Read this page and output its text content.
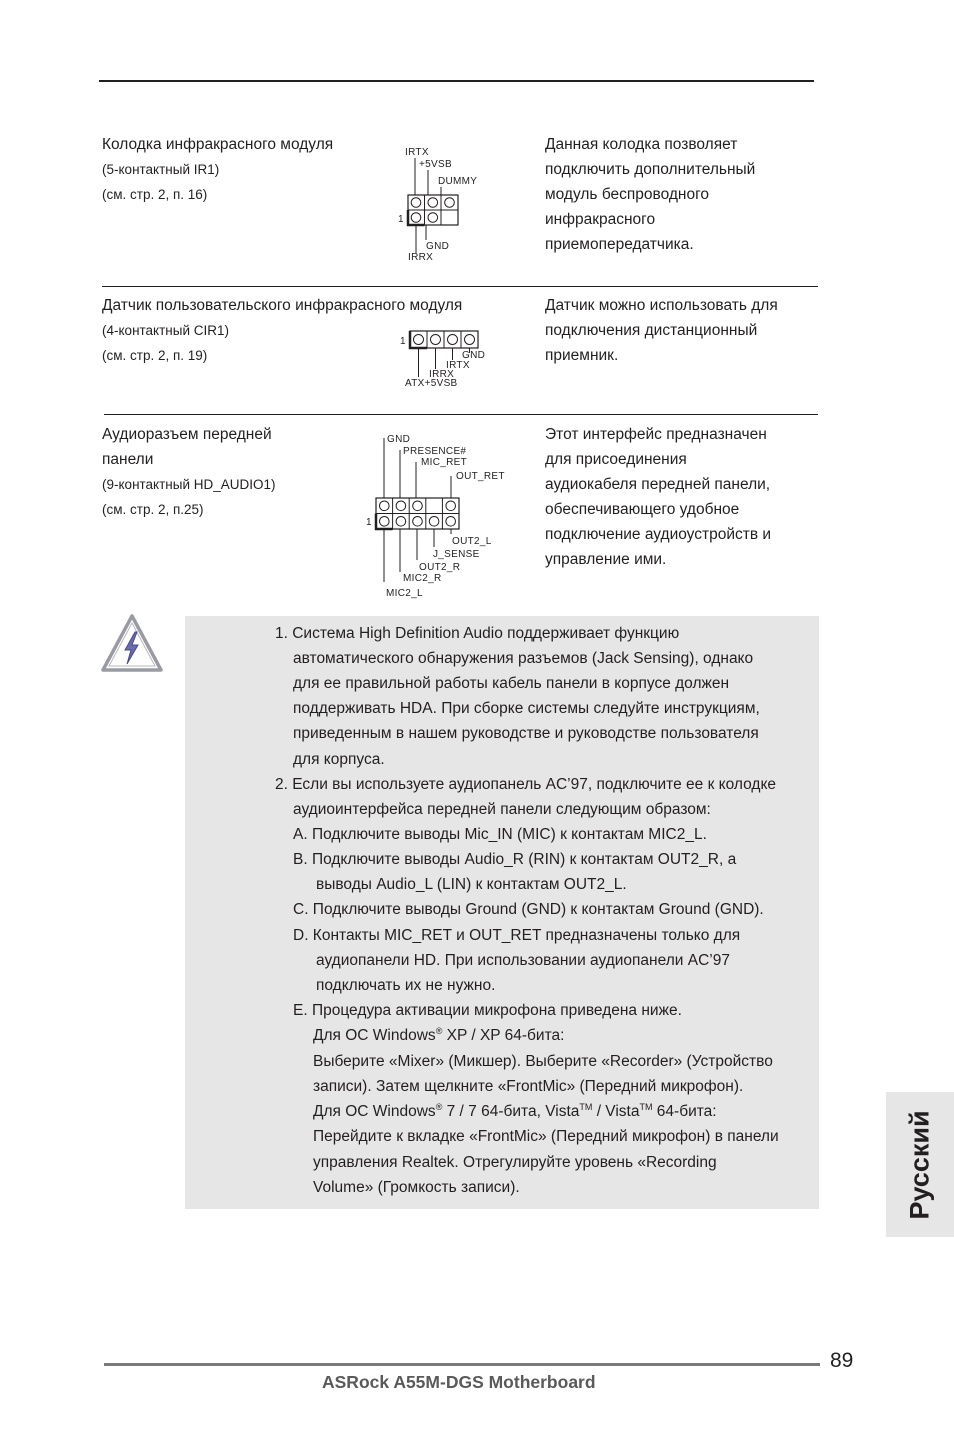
Колодка инфракрасного модуля
(5-контактный IR1)
(см. стр. 2, п. 16)
IRTX
+5VSB
DUMMY
1
GND
IRRX
Данная колодка позволяет
подключить дополнительный
модуль беспроводного
инфракрасного
приемопередатчика.
Датчик пользовательского инфракрасного модуля
(4-контактный CIR1)
(см. стр. 2, п. 19)
1
GND
IRTX
IRRX
ATX+5VSB
Датчик можно использовать для
подключения дистанционный
приемник.
Аудиоразъем передней
панели
(9-контактный HD_AUDIO1)
(см. стр. 2, п.25)
GND
PRESENCE#
MIC_RET
OUT_RET
1
OUT2_L
J_SENSE
OUT2_R
MIC2_R
MIC2_L
Этот интерфейс предназначен
для присоединения
аудиокабеля передней панели,
обеспечивающего удобное
подключение аудиоустройств и
управление ими.
1. Система High Definition Audio поддерживает функцию
автоматического обнаружения разъемов (Jack Sensing), однако
для ее правильной работы кабель панели в корпусе должен
поддерживать HDA. При сборке системы следуйте инструкциям,
приведенным в нашем руководстве и руководстве пользователя
для корпуса.
2. Если вы используете аудиопанель AC’97, подключите ее к колодке
аудиоинтерфейса передней панели следующим образом:
A. Подключите выводы Mic_IN (MIC) к контактам MIC2_L.
B. Подключите выводы Audio_R (RIN) к контактам OUT2_R, а
выводы Audio_L (LIN) к контактам OUT2_L.
C. Подключите выводы Ground (GND) к контактам Ground (GND).
D. Контакты MIC_RET и OUT_RET предназначены только для
аудиопанели HD. При использовании аудиопанели AC’97
подключать их не нужно.
E. Процедура активации микрофона приведена ниже.
Для ОС Windows® XP / XP 64-бита:
Выберите «Mixer» (Микшер). Выберите «Recorder» (Устройство
записи). Затем щелкните «FrontMic» (Передний микрофон).
Для ОС Windows® 7 / 7 64-бита, Vista™ / Vista™ 64-бита:
Перейдите к вкладке «FrontMic» (Передний микрофон) в панели
управления Realtek. Отрегулируйте уровень «Recording
Volume» (Громкость записи).	Русский
89
ASRock A55M-DGS Motherboard
